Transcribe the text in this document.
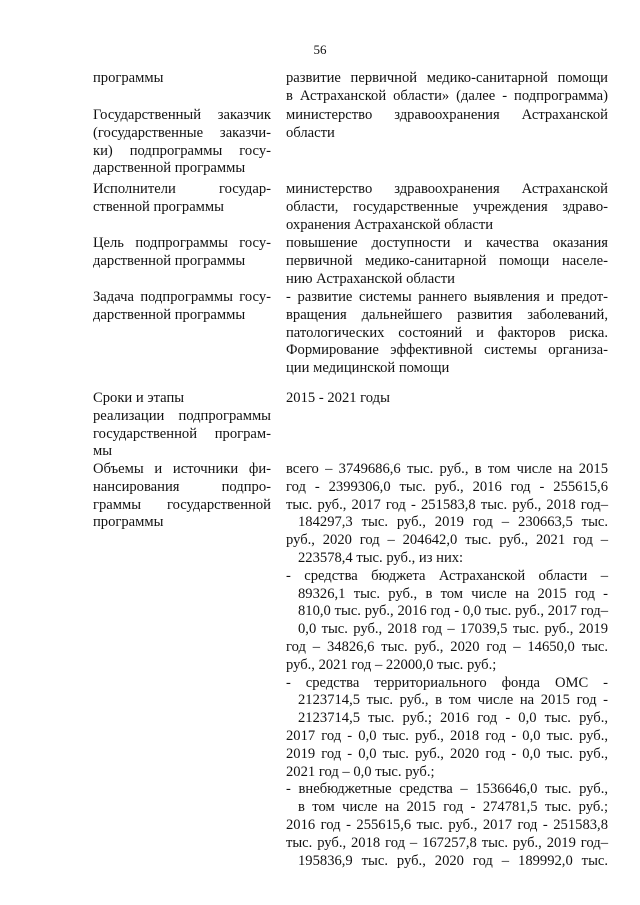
56
программы	развитие первичной медико-санитарной помощи
в Астраханской области» (далее - подпрограмма)
Государственный заказчик
(государственные заказчи-
ки) подпрограммы госу-
дарственной программы
министерство здравоохранения Астраханской
области
Исполнители государ-
ственной программы
министерство здравоохранения Астраханской
области, государственные учреждения здраво-
охранения Астраханской области
Цель подпрограммы госу-
дарственной программы
повышение доступности и качества оказания
первичной медико-санитарной помощи населе-
нию Астраханской области
Задача подпрограммы госу-
дарственной программы
- развитие системы раннего выявления и предот-
вращения дальнейшего развития заболеваний,
патологических состояний и факторов риска.
Формирование эффективной системы организа-
ции медицинской помощи
Сроки и этапы
реализации подпрограммы
государственной програм-
мы
2015 - 2021 годы
Объемы и источники фи-
нансирования подпро-
граммы государственной
программы
всего – 3749686,6 тыс. руб., в том числе на 2015
год - 2399306,0 тыс. руб., 2016 год - 255615,6
тыс. руб., 2017 год - 251583,8 тыс. руб., 2018 год–
184297,3 тыс. руб., 2019 год – 230663,5 тыс.
руб., 2020 год – 204642,0 тыс. руб., 2021 год –
223578,4 тыс. руб., из них:
- средства бюджета Астраханской области –
89326,1 тыс. руб., в том числе на 2015 год -
810,0 тыс. руб., 2016 год - 0,0 тыс. руб., 2017 год–
0,0 тыс. руб., 2018 год – 17039,5 тыс. руб., 2019
год – 34826,6 тыс. руб., 2020 год – 14650,0 тыс.
руб., 2021 год – 22000,0 тыс. руб.;
- средства территориального фонда ОМС -
2123714,5 тыс. руб., в том числе на 2015 год -
2123714,5 тыс. руб.; 2016 год - 0,0 тыс. руб.,
2017 год - 0,0 тыс. руб., 2018 год - 0,0 тыс. руб.,
2019 год - 0,0 тыс. руб., 2020 год - 0,0 тыс. руб.,
2021 год – 0,0 тыс. руб.;
- внебюджетные средства – 1536646,0 тыс. руб.,
в том числе на 2015 год - 274781,5 тыс. руб.;
2016 год - 255615,6 тыс. руб., 2017 год - 251583,8
тыс. руб., 2018 год – 167257,8 тыс. руб., 2019 год–
195836,9 тыс. руб., 2020 год – 189992,0 тыс.
